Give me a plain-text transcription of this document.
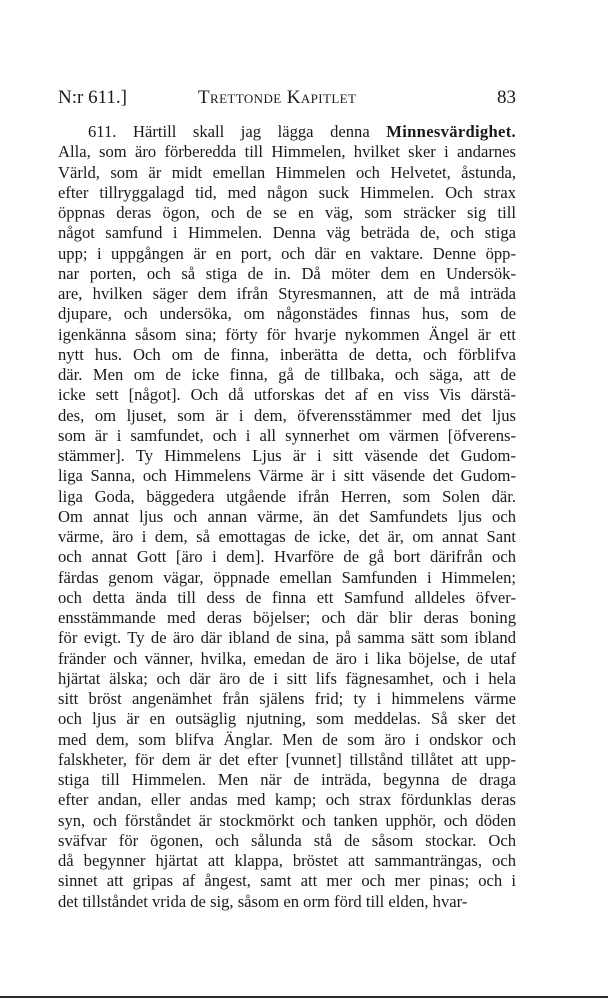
N:r 611.]	Trettonde Kapitlet	83
611. Härtill skall jag lägga denna Minnesvärdighet.
Alla, som äro förberedda till Himmelen, hvilket sker i andarnes
Värld, som är midt emellan Himmelen och Helvetet, åstunda,
efter tillryggalagd tid, med någon suck Himmelen. Och strax
öppnas deras ögon, och de se en väg, som sträcker sig till
något samfund i Himmelen. Denna väg beträda de, och stiga
upp; i uppgången är en port, och där en vaktare. Denne öpp-
nar porten, och så stiga de in. Då möter dem en Undersök-
are, hvilken säger dem ifrån Styresmannen, att de må inträda
djupare, och undersöka, om någonstädes finnas hus, som de
igenkänna såsom sina; förty för hvarje nykommen Ängel är ett
nytt hus. Och om de finna, inberätta de detta, och förblifva
där. Men om de icke finna, gå de tillbaka, och säga, att de
icke sett [något]. Och då utforskas det af en viss Vis därstä-
des, om ljuset, som är i dem, öfverensstämmer med det ljus
som är i samfundet, och i all synnerhet om värmen [öfverens-
stämmer]. Ty Himmelens Ljus är i sitt väsende det Gudom-
liga Sanna, och Himmelens Värme är i sitt väsende det Gudom-
liga Goda, bäggedera utgående ifrån Herren, som Solen där.
Om annat ljus och annan värme, än det Samfundets ljus och
värme, äro i dem, så emottagas de icke, det är, om annat Sant
och annat Gott [äro i dem]. Hvarföre de gå bort därifrån och
färdas genom vägar, öppnade emellan Samfunden i Himmelen;
och detta ända till dess de finna ett Samfund alldeles öfver-
ensstämmande med deras böjelser; och där blir deras boning
för evigt. Ty de äro där ibland de sina, på samma sätt som ibland
fränder och vänner, hvilka, emedan de äro i lika böjelse, de utaf
hjärtat älska; och där äro de i sitt lifs fägnesamhet, och i hela
sitt bröst angenämhet från själens frid; ty i himmelens värme
och ljus är en outsäglig njutning, som meddelas. Så sker det
med dem, som blifva Änglar. Men de som äro i ondskor och
falskheter, för dem är det efter [vunnet] tillstånd tillåtet att upp-
stiga till Himmelen. Men när de inträda, begynna de draga
efter andan, eller andas med kamp; och strax fördunklas deras
syn, och förståndet är stockmörkt och tanken upphör, och döden
sväfvar för ögonen, och sålunda stå de såsom stockar. Och
då begynner hjärtat att klappa, bröstet att sammanträngas, och
sinnet att gripas af ångest, samt att mer och mer pinas; och i
det tillståndet vrida de sig, såsom en orm förd till elden, hvar-
